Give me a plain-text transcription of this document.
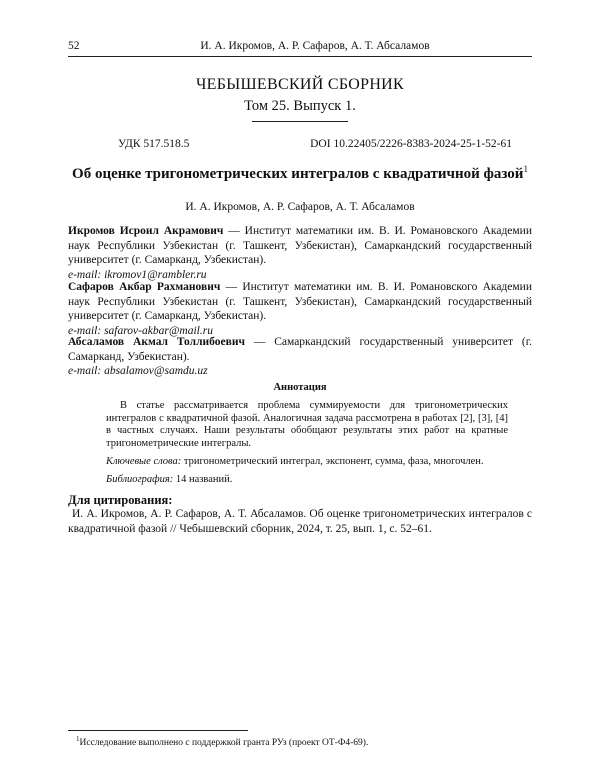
52	И. А. Икромов, А. Р. Сафаров, А. Т. Абсаламов
ЧЕБЫШЕВСКИЙ СБОРНИК
Том 25. Выпуск 1.
УДК 517.518.5	DOI 10.22405/2226-8383-2024-25-1-52-61
Об оценке тригонометрических интегралов с квадратичной фазой$^1$
И. А. Икромов, А. Р. Сафаров, А. Т. Абсаламов
Икромов Исроил Акрамович — Институт математики им. В. И. Романовского Академии наук Республики Узбекистан (г. Ташкент, Узбекистан), Самаркандский государственный университет (г. Самарканд, Узбекистан).
e-mail: ikromov1@rambler.ru
Сафаров Акбар Рахманович — Институт математики им. В. И. Романовского Академии наук Республики Узбекистан (г. Ташкент, Узбекистан), Самаркандский государственный университет (г. Самарканд, Узбекистан).
e-mail: safarov-akbar@mail.ru
Абсаламов Акмал Толлибоевич — Самаркандский государственный университет (г. Самарканд, Узбекистан).
e-mail: absalamov@samdu.uz
Аннотация
В статье рассматривается проблема суммируемости для тригонометрических интегралов с квадратичной фазой. Аналогичная задача рассмотрена в работах [2], [3], [4] в частных случаях. Наши результаты обобщают результаты этих работ на кратные тригонометрические интегралы.
Ключевые слова: тригонометрический интеграл, экспонент, сумма, фаза, многочлен.
Библиография: 14 названий.
Для цитирования:
И. А. Икромов, А. Р. Сафаров, А. Т. Абсаламов. Об оценке тригонометрических интегралов с квадратичной фазой // Чебышевский сборник, 2024, т. 25, вып. 1, с. 52–61.
$^1$Исследование выполнено с поддержкой гранта РУз (проект ОТ-Ф4-69).
